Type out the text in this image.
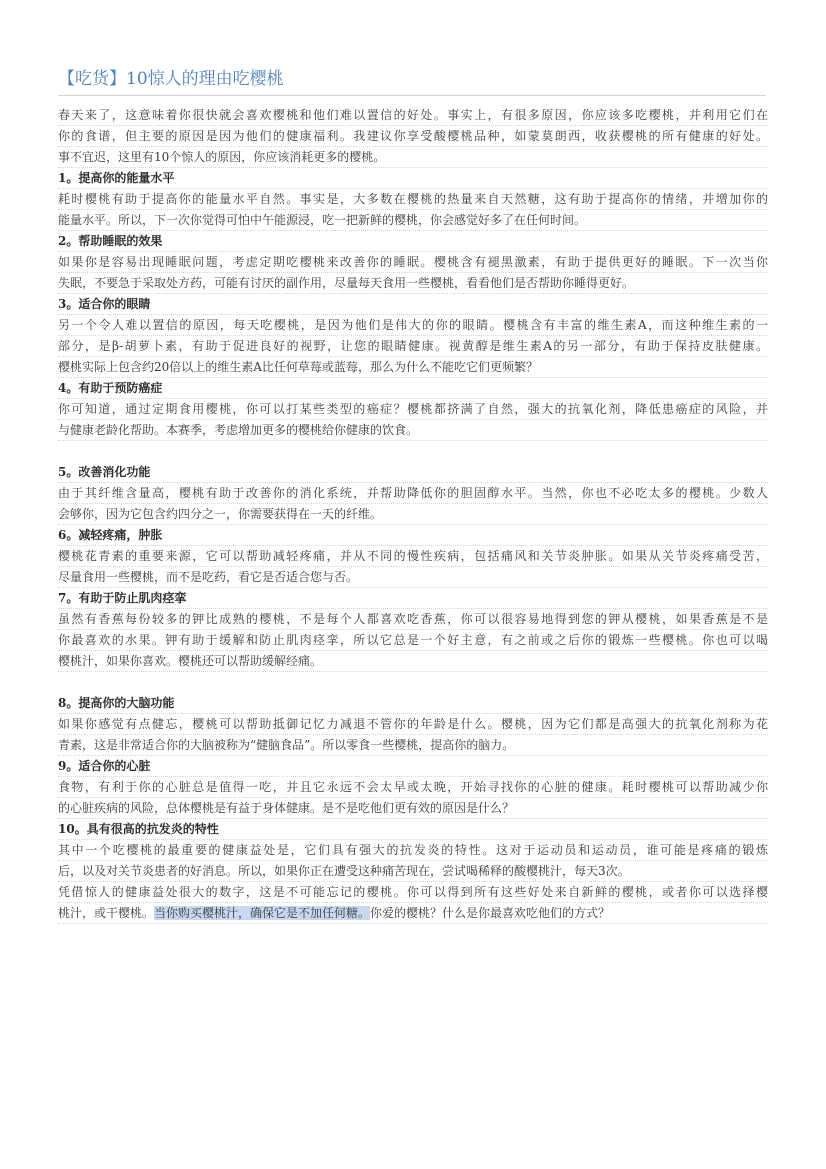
【吃货】10惊人的理由吃樱桃
春天来了，这意味着你很快就会喜欢樱桃和他们难以置信的好处。事实上，有很多原因，你应该多吃樱桃，并利用它们在
你的食谱，但主要的原因是因为他们的健康福利。我建议你享受酸樱桃品种，如蒙莫朗西，收获樱桃的所有健康的好处。
事不宜迟，这里有10个惊人的原因，你应该消耗更多的樱桃。
1。提高你的能量水平
耗时樱桃有助于提高你的能量水平自然。事实是，大多数在樱桃的热量来自天然糖，这有助于提高你的情绪，并增加你的
能量水平。所以，下一次你觉得可怕中午能源浸，吃一把新鲜的樱桃，你会感觉好多了在任何时间。
2。帮助睡眠的效果
如果你是容易出现睡眠问题，考虑定期吃樱桃来改善你的睡眠。樱桃含有褪黑激素，有助于提供更好的睡眠。下一次当你
失眠，不要急于采取处方药，可能有讨厌的副作用，尽量每天食用一些樱桃，看看他们是否帮助你睡得更好。
3。适合你的眼睛
另一个令人难以置信的原因，每天吃樱桃，是因为他们是伟大的你的眼睛。樱桃含有丰富的维生素A，而这种维生素的一
部分，是β-胡萝卜素，有助于促进良好的视野，让您的眼睛健康。视黄醇是维生素A的另一部分，有助于保持皮肤健康。
樱桃实际上包含约20倍以上的维生素A比任何草莓或蓝莓，那么为什么不能吃它们更频繁？
4。有助于预防癌症
你可知道，通过定期食用樱桃，你可以打某些类型的癌症？樱桃都挤满了自然，强大的抗氧化剂，降低患癌症的风险，并
与健康老龄化帮助。本赛季，考虑增加更多的樱桃给你健康的饮食。
5。改善消化功能
由于其纤维含量高，樱桃有助于改善你的消化系统，并帮助降低你的胆固醇水平。当然，你也不必吃太多的樱桃。少数人
会够你，因为它包含约四分之一，你需要获得在一天的纤维。
6。减轻疼痛，肿胀
樱桃花青素的重要来源，它可以帮助减轻疼痛，并从不同的慢性疾病，包括痛风和关节炎肿胀。如果从关节炎疼痛受苦，
尽量食用一些樱桃，而不是吃药，看它是否适合您与否。
7。有助于防止肌肉痉挛
虽然有香蕉每份较多的钾比成熟的樱桃，不是每个人都喜欢吃香蕉，你可以很容易地得到您的钾从樱桃，如果香蕉是不是
你最喜欢的水果。钾有助于缓解和防止肌肉痉挛，所以它总是一个好主意，有之前或之后你的锻炼一些樱桃。你也可以喝
樱桃汁，如果你喜欢。樱桃还可以帮助缓解经痛。
8。提高你的大脑功能
如果你感觉有点健忘，樱桃可以帮助抵御记忆力减退不管你的年龄是什么。樱桃，因为它们都是高强大的抗氧化剂称为花
青素，这是非常适合你的大脑被称为“健脑食品”。所以零食一些樱桃，提高你的脑力。
9。适合你的心脏
食物，有利于你的心脏总是值得一吃，并且它永远不会太早或太晚，开始寻找你的心脏的健康。耗时樱桃可以帮助减少你
的心脏疾病的风险，总体樱桃是有益于身体健康。是不是吃他们更有效的原因是什么？
10。具有很高的抗发炎的特性
其中一个吃樱桃的最重要的健康益处是，它们具有强大的抗发炎的特性。这对于运动员和运动员，谁可能是疼痛的锻炼
后，以及对关节炎患者的好消息。所以，如果你正在遭受这种痛苦现在，尝试喝稀释的酸樱桃汁，每天3次。
凭借惊人的健康益处很大的数字，这是不可能忘记的樱桃。你可以得到所有这些好处来自新鲜的樱桃，或者你可以选择樱
桃汁，或干樱桃。当你购买樱桃汁，确保它是不加任何糖。你爱的樱桃？什么是你最喜欢吃他们的方式？
